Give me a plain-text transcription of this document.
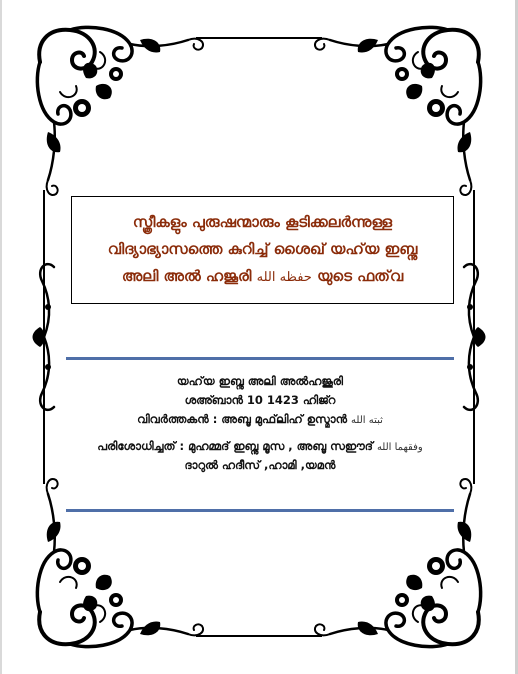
സ്ത്രീകളും പുരുഷന്മാരും കൂടിക്കലർന്നുള്ള
വിദ്യാഭ്യാസത്തെ കുറിച്ച് ശൈഖ് യഹ്‌യ ഇബ്നു
അലി അൽ ഹജൂരി حفظه الله യുടെ ഫത്‌വ
യഹ്‌യ ഇബ്നു അലി അൽഹജൂരി
ശഅ്ബാൻ 10 1423 ഹിജ്റ
വിവർത്തകൻ : അബൂ മുഫ്‌ലിഹ് ഉസ്മാൻ ثبته الله
പരിശോധിച്ചത് : മുഹമ്മദ് ഇബ്നു മൂസ , അബൂ സഈദ് وفقهما الله
ദാറുൽ ഹദീസ് ,ഹാമി ,യമൻ
